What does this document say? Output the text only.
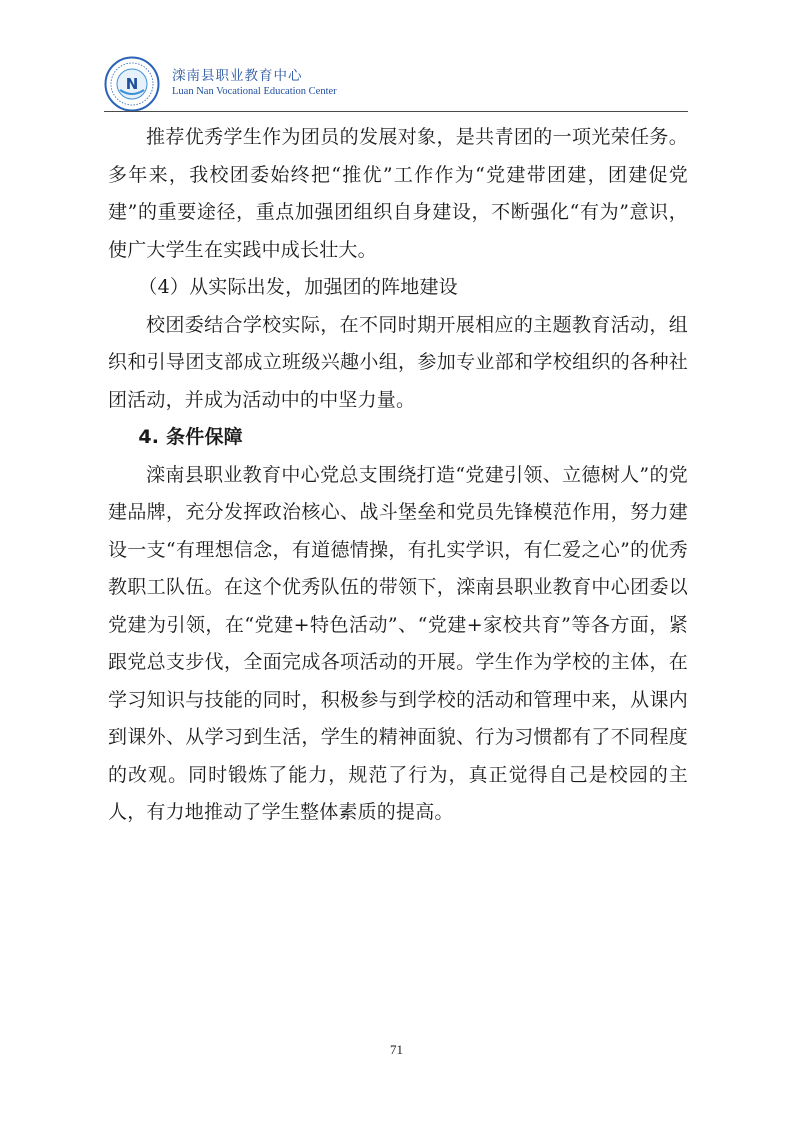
N 滦南县职业教育中心
Luan Nan Vocational Education Center

推荐优秀学生作为团员的发展对象，是共青团的一项光荣任务。多年来，我校团委始终把“推优”工作作为“党建带团建，团建促党建”的重要途径，重点加强团组织自身建设，不断强化“有为”意识，使广大学生在实践中成长壮大。

（4）从实际出发，加强团的阵地建设

校团委结合学校实际，在不同时期开展相应的主题教育活动，组织和引导团支部成立班级兴趣小组，参加专业部和学校组织的各种社团活动，并成为活动中的中坚力量。

4. 条件保障

滦南县职业教育中心党总支围绕打造“党建引领、立德树人”的党建品牌，充分发挥政治核心、战斗堡垒和党员先锋模范作用，努力建设一支“有理想信念，有道德情操，有扎实学识，有仁爱之心”的优秀教职工队伍。在这个优秀队伍的带领下，滦南县职业教育中心团委以党建为引领，在“党建+特色活动”、“党建+家校共育”等各方面，紧跟党总支步伐，全面完成各项活动的开展。学生作为学校的主体，在学习知识与技能的同时，积极参与到学校的活动和管理中来，从课内到课外、从学习到生活，学生的精神面貌、行为习惯都有了不同程度的改观。同时锻炼了能力，规范了行为，真正觉得自己是校园的主人，有力地推动了学生整体素质的提高。

71
